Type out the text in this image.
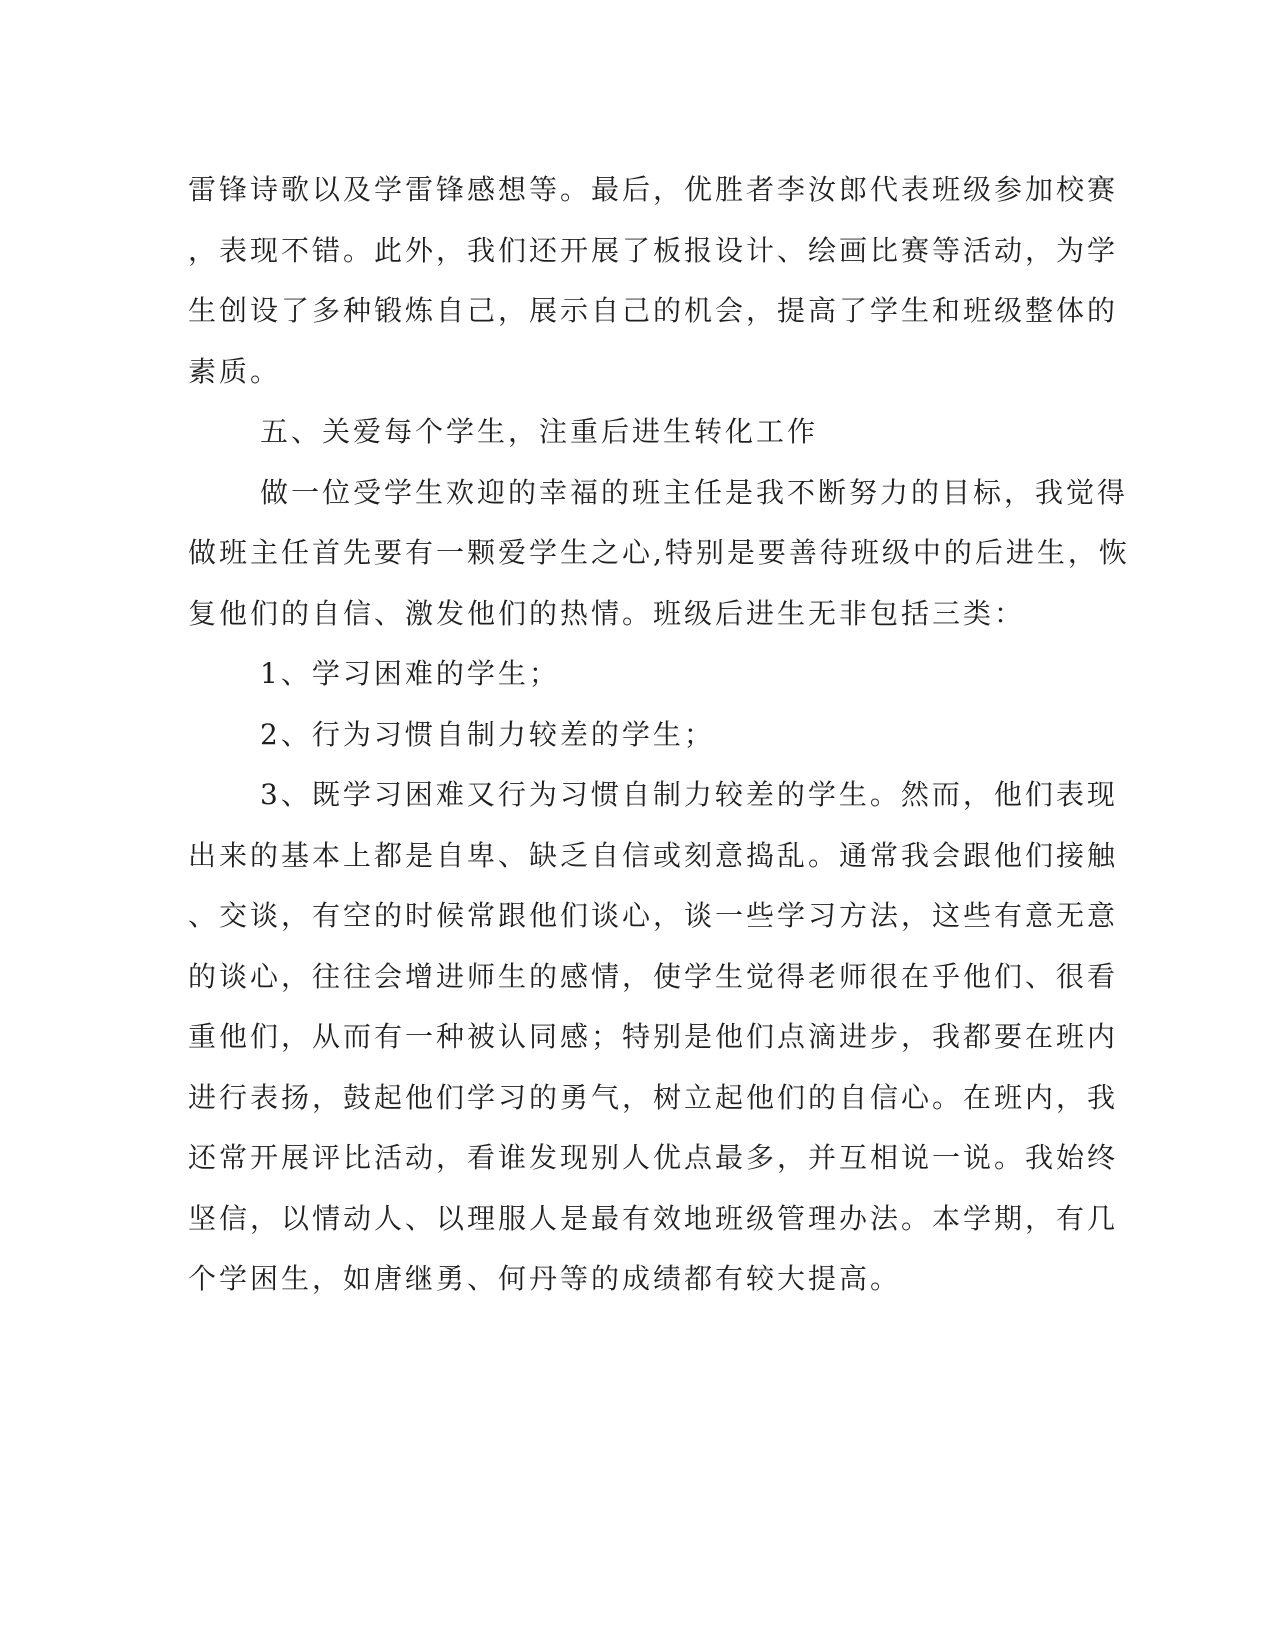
雷锋诗歌以及学雷锋感想等。最后，优胜者李汝郎代表班级参加校赛
，表现不错。此外，我们还开展了板报设计、绘画比赛等活动，为学
生创设了多种锻炼自己，展示自己的机会，提高了学生和班级整体的
素质。
五、关爱每个学生，注重后进生转化工作
做一位受学生欢迎的幸福的班主任是我不断努力的目标，我觉得
做班主任首先要有一颗爱学生之心,特别是要善待班级中的后进生，恢
复他们的自信、激发他们的热情。班级后进生无非包括三类：
1、学习困难的学生；
2、行为习惯自制力较差的学生；
3、既学习困难又行为习惯自制力较差的学生。然而，他们表现
出来的基本上都是自卑、缺乏自信或刻意捣乱。通常我会跟他们接触
、交谈，有空的时候常跟他们谈心，谈一些学习方法，这些有意无意
的谈心，往往会增进师生的感情，使学生觉得老师很在乎他们、很看
重他们，从而有一种被认同感；特别是他们点滴进步，我都要在班内
进行表扬，鼓起他们学习的勇气，树立起他们的自信心。在班内，我
还常开展评比活动，看谁发现别人优点最多，并互相说一说。我始终
坚信，以情动人、以理服人是最有效地班级管理办法。本学期，有几
个学困生，如唐继勇、何丹等的成绩都有较大提高。
